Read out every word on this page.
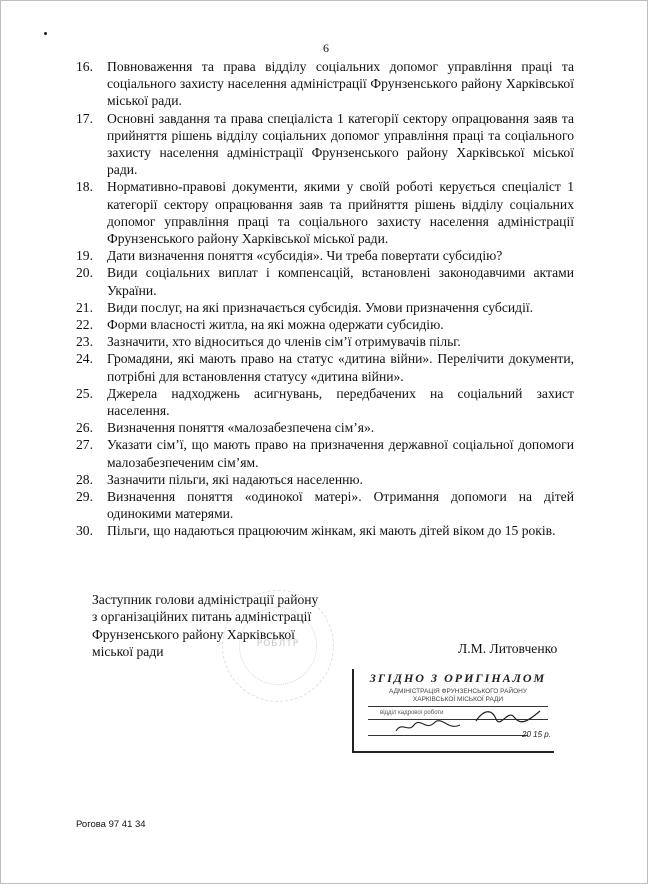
6
16. Повноваження та права відділу соціальних допомог управління праці та соціального захисту населення адміністрації Фрунзенського району Харківської міської ради.
17. Основні завдання та права спеціаліста 1 категорії сектору опрацювання заяв та прийняття рішень відділу соціальних допомог управління праці та соціального захисту населення адміністрації Фрунзенського району Харківської міської ради.
18. Нормативно-правові документи, якими у своїй роботі керується спеціаліст 1 категорії сектору опрацювання заяв та прийняття рішень відділу соціальних допомог управління праці та соціального захисту населення адміністрації Фрунзенського району Харківської міської ради.
19. Дати визначення поняття «субсидія». Чи треба повертати субсидію?
20. Види соціальних виплат і компенсацій, встановлені законодавчими актами України.
21. Види послуг, на які призначається субсидія. Умови призначення субсидії.
22. Форми власності житла, на які можна одержати субсидію.
23. Зазначити, хто відноситься до членів сім’ї отримувачів пільг.
24. Громадяни, які мають право на статус «дитина війни». Перелічити документи, потрібні для встановлення статусу «дитина війни».
25. Джерела надходжень асигнувань, передбачених на соціальний захист населення.
26. Визначення поняття «малозабезпечена сім’я».
27. Указати сім’ї, що мають право на призначення державної соціальної допомоги малозабезпеченим сім’ям.
28. Зазначити пільги, які надаються населенню.
29. Визначення поняття «одинокої матері». Отримання допомоги на дітей одинокими матерями.
30. Пільги, що надаються працюючим жінкам, які мають дітей віком до 15 років.
РОБЛТР
Заступник голови адміністрації району
з організаційних питань адміністрації
Фрунзенського району Харківської
міської ради	Л.М. Литовченко
ЗГІДНО З ОРИГІНАЛОМ
АДМІНІСТРАЦІЯ ФРУНЗЕНСЬКОГО РАЙОНУ
ХАРКІВСЬКОЇ МІСЬКОЇ РАДИ
відділ кадрової роботи
20 15 р.
Рогова 97 41 34
